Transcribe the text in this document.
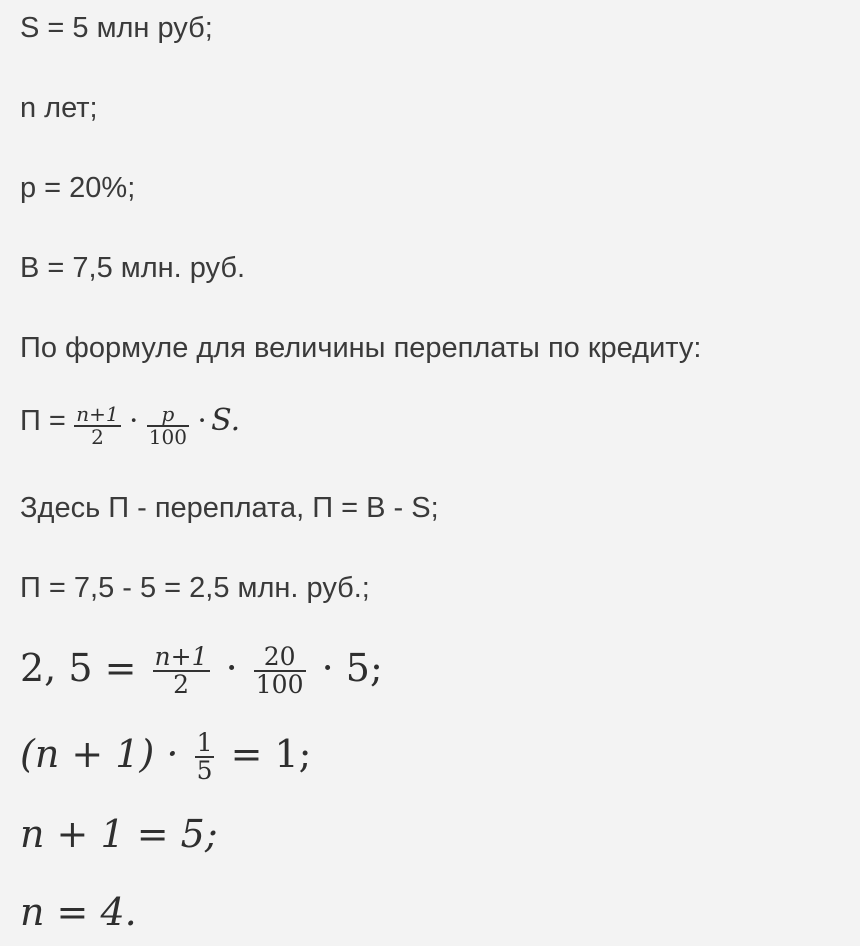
S = 5 млн руб;
n лет;
p = 20%;
B = 7,5 млн. руб.
По формуле для величины переплаты по кредиту:
$П = \frac{n+1}{2} \cdot \frac{p}{100} \cdot S$.
Здесь П - переплата, П = B - S;
П = 7,5 - 5 = 2,5 млн. руб.;
2, $5 = \frac{n+1}{2} \cdot \frac{20}{100} \cdot 5$;
$(n + 1) \cdot \frac{1}{5} = 1$;
n + 1 = 5;
n = 4.
